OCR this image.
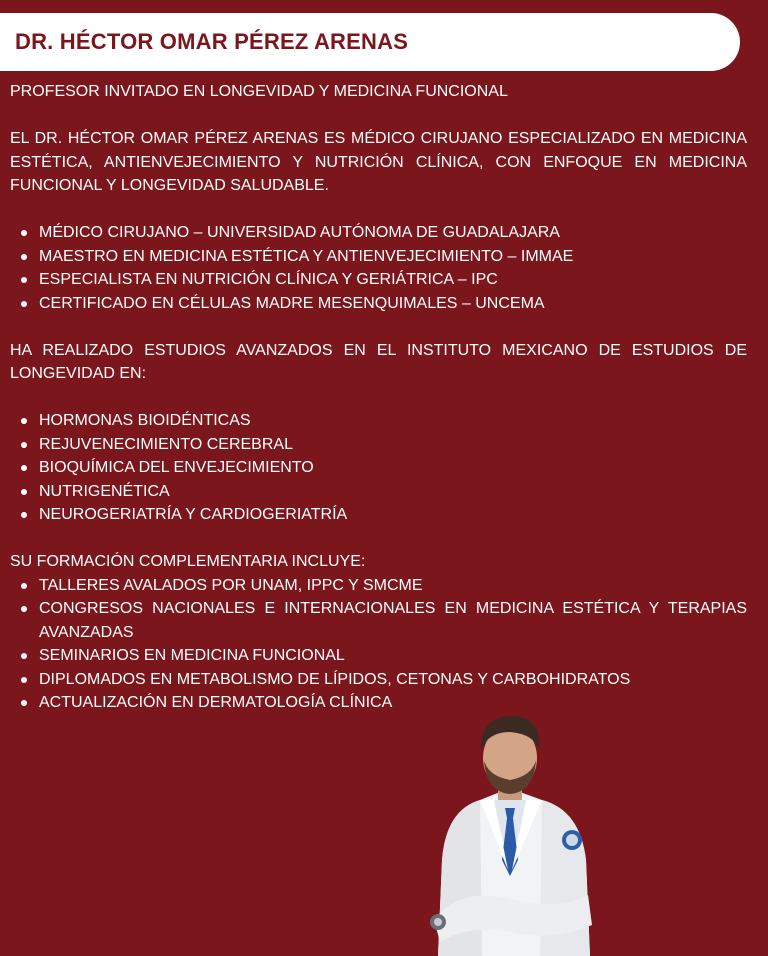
DR. HÉCTOR OMAR PÉREZ ARENAS

PROFESOR INVITADO EN LONGEVIDAD Y MEDICINA FUNCIONAL

EL DR. HÉCTOR OMAR PÉREZ ARENAS ES MÉDICO CIRUJANO ESPECIALIZADO EN MEDICINA ESTÉTICA, ANTIENVEJECIMIENTO Y NUTRICIÓN CLÍNICA, CON ENFOQUE EN MEDICINA FUNCIONAL Y LONGEVIDAD SALUDABLE.

MÉDICO CIRUJANO – UNIVERSIDAD AUTÓNOMA DE GUADALAJARA
MAESTRO EN MEDICINA ESTÉTICA Y ANTIENVEJECIMIENTO – IMMAE
ESPECIALISTA EN NUTRICIÓN CLÍNICA Y GERIÁTRICA – IPC
CERTIFICADO EN CÉLULAS MADRE MESENQUIMALES – UNCEMA

HA REALIZADO ESTUDIOS AVANZADOS EN EL INSTITUTO MEXICANO DE ESTUDIOS DE LONGEVIDAD EN:

HORMONAS BIOIDÉNTICAS
REJUVENECIMIENTO CEREBRAL
BIOQUÍMICA DEL ENVEJECIMIENTO
NUTRIGENÉTICA
NEUROGERIATRÍA Y CARDIOGERIATRÍA

SU FORMACIÓN COMPLEMENTARIA INCLUYE:

TALLERES AVALADOS POR UNAM, IPPC Y SMCME
CONGRESOS NACIONALES E INTERNACIONALES EN MEDICINA ESTÉTICA Y TERAPIAS AVANZADAS
SEMINARIOS EN MEDICINA FUNCIONAL
DIPLOMADOS EN METABOLISMO DE LÍPIDOS, CETONAS Y CARBOHIDRATOS
ACTUALIZACIÓN EN DERMATOLOGÍA CLÍNICA
